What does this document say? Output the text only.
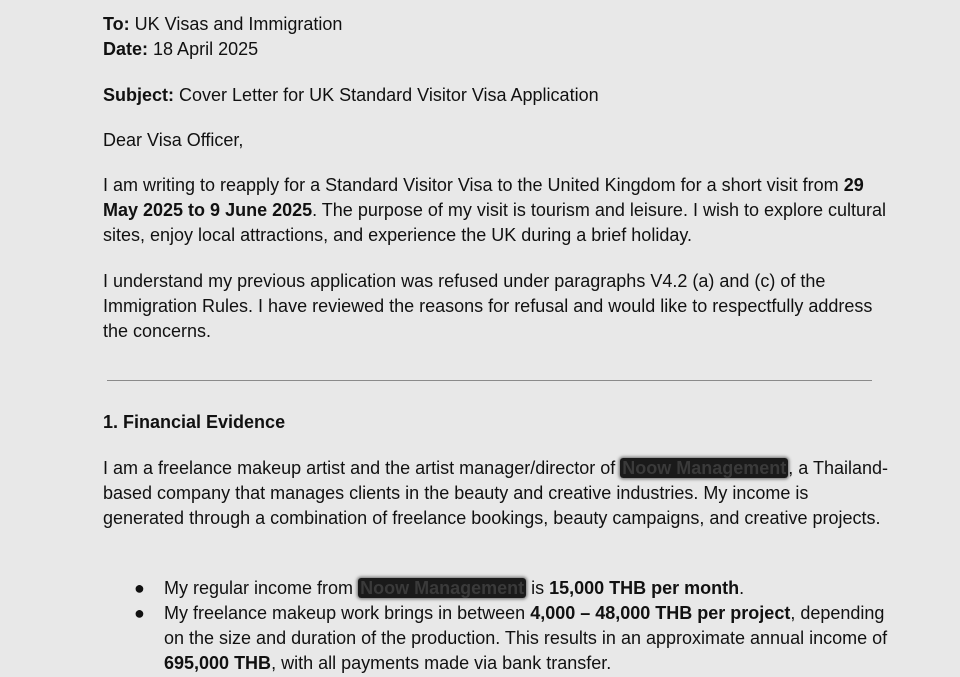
To: UK Visas and Immigration

Date: 18 April 2025

Subject: Cover Letter for UK Standard Visitor Visa Application

Dear Visa Officer,

I am writing to reapply for a Standard Visitor Visa to the United Kingdom for a short visit from 29 May 2025 to 9 June 2025. The purpose of my visit is tourism and leisure. I wish to explore cultural sites, enjoy local attractions, and experience the UK during a brief holiday.

I understand my previous application was refused under paragraphs V4.2 (a) and (c) of the Immigration Rules. I have reviewed the reasons for refusal and would like to respectfully address the concerns.

1. Financial Evidence

I am a freelance makeup artist and the artist manager/director of Noow Management , a Thailand-based company that manages clients in the beauty and creative industries. My income is generated through a combination of freelance bookings, beauty campaigns, and creative projects.

● My regular income from Noow Management is 15,000 THB per month.
● My freelance makeup work brings in between 4,000 – 48,000 THB per project, depending on the size and duration of the production. This results in an approximate annual income of 695,000 THB, with all payments made via bank transfer.
